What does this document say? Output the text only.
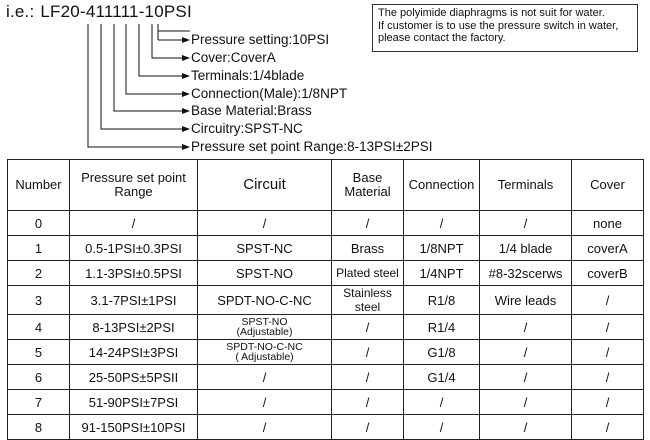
i.e.: LF20-411111-10PSI
Pressure setting:10PSI
Cover:CoverA
Terminals:1/4blade
Connection(Male):1/8NPT
Base Material:Brass
Circuitry:SPST-NC
Pressure set point Range:8-13PSI±2PSI
The polyimide diaphragms is not suit for water.
If customer is to use the pressure switch in water,
please contact the factory.
Number	Pressure set point
Range	Circuit	Base
Material	Connection	Terminals	Cover
0	/	/	/	/	/	none
1	0.5-1PSI±0.3PSI	SPST-NC	Brass	1/8NPT	1/4 blade	coverA
2	1.1-3PSI±0.5PSI	SPST-NO	Plated steel	1/4NPT	#8-32scerws	coverB
3	3.1-7PSI±1PSI	SPDT-NO-C-NC	Stainless
steel	R1/8	Wire leads	/
4	8-13PSI±2PSI	SPST-NO
(Adjustable)	/	R1/4	/	/
5	14-24PSI±3PSI	SPDT-NO-C-NC
( Adjustable)	/	G1/8	/	/
6	25-50PS±5PSII	/	/	G1/4	/	/
7	51-90PSI±7PSI	/	/	/	/	/
8	91-150PSI±10PSI	/	/	/	/	/
